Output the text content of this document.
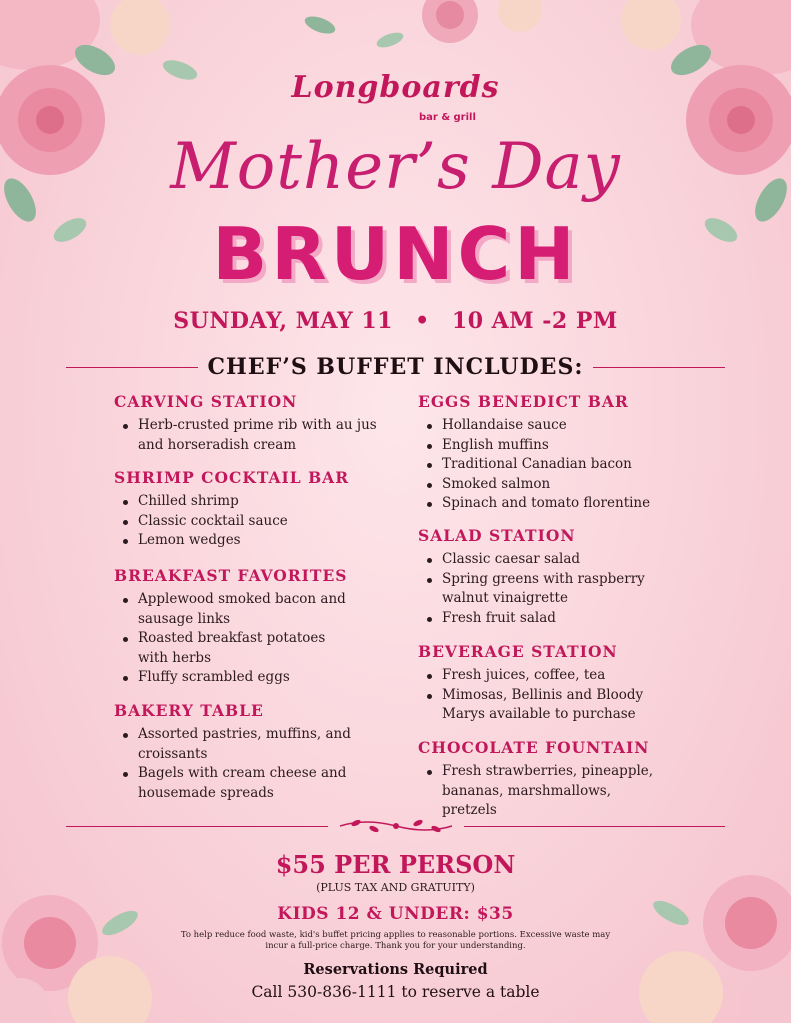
Longboards
bar & grill
Mother’s Day
BRUNCH
SUNDAY, MAY 11 • 10 AM -2 PM
CHEF’S BUFFET INCLUDES:
CARVING STATION
Herb-crusted prime rib with au jus and horseradish cream
SHRIMP COCKTAIL BAR
Chilled shrimp
Classic cocktail sauce
Lemon wedges
BREAKFAST FAVORITES
Applewood smoked bacon and sausage links
Roasted breakfast potatoes with herbs
Fluffy scrambled eggs
BAKERY TABLE
Assorted pastries, muffins, and croissants
Bagels with cream cheese and housemade spreads
EGGS BENEDICT BAR
Hollandaise sauce
English muffins
Traditional Canadian bacon
Smoked salmon
Spinach and tomato florentine
SALAD STATION
Classic caesar salad
Spring greens with raspberry walnut vinaigrette
Fresh fruit salad
BEVERAGE STATION
Fresh juices, coffee, tea
Mimosas, Bellinis and Bloody Marys available to purchase
CHOCOLATE FOUNTAIN
Fresh strawberries, pineapple, bananas, marshmallows, pretzels
$55 PER PERSON
(PLUS TAX AND GRATUITY)
KIDS 12 & UNDER: $35
To help reduce food waste, kid's buffet pricing applies to reasonable portions. Excessive waste may incur a full-price charge. Thank you for your understanding.
Reservations Required
Call 530-836-1111 to reserve a table
